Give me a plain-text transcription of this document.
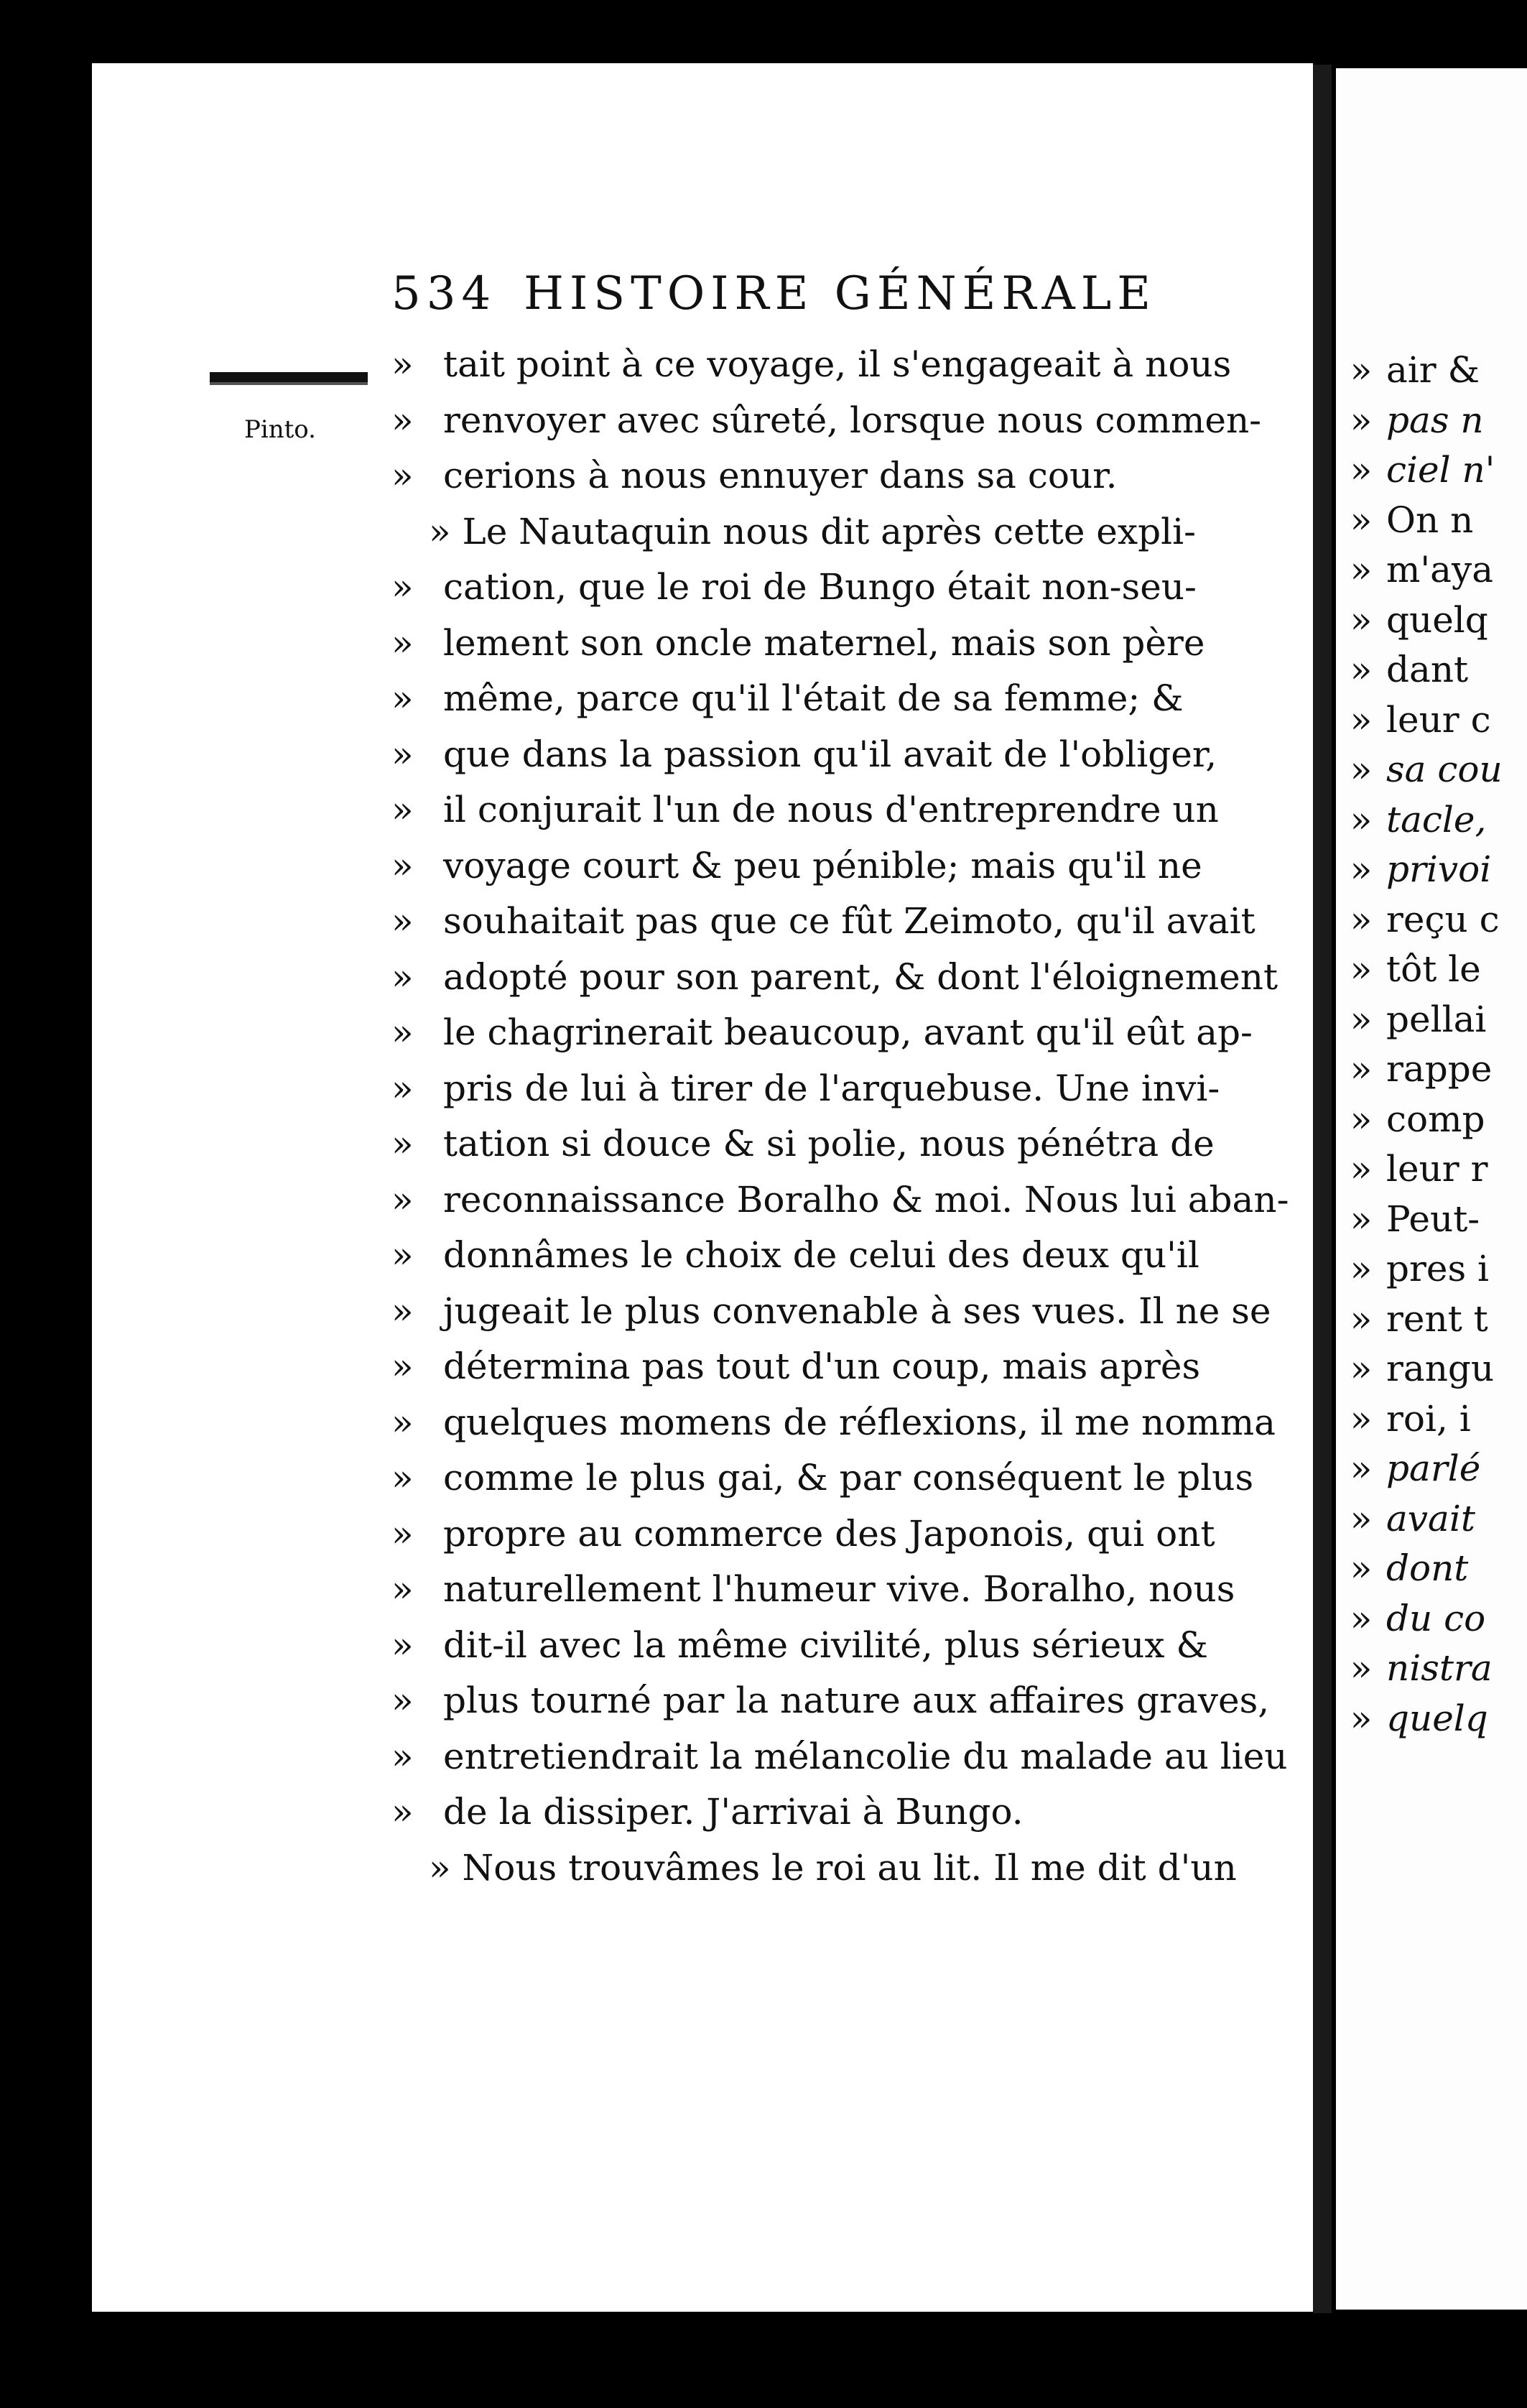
» air &
» pas n
» ciel n'
» On n
» m'aya
» quelq
» dant
» leur c
» sa cou
» tacle,
» privoi
» reçu c
» tôt le
» pellai
» rappe
» comp
» leur r
» Peut-
» pres i
» rent t
» rangu
» roi, i
» parlé
» avait
» dont
» du co
» nistra
» quelq
534 HISTOIRE GÉNÉRALE
Pinto.
» tait point à ce voyage, il s'engageait à nous
» renvoyer avec sûreté, lorsque nous commen-
» cerions à nous ennuyer dans sa cour.
» Le Nautaquin nous dit après cette expli-
» cation, que le roi de Bungo était non-seu-
» lement son oncle maternel, mais son père
» même, parce qu'il l'était de sa femme; &
» que dans la passion qu'il avait de l'obliger,
» il conjurait l'un de nous d'entreprendre un
» voyage court & peu pénible; mais qu'il ne
» souhaitait pas que ce fût Zeimoto, qu'il avait
» adopté pour son parent, & dont l'éloignement
» le chagrinerait beaucoup, avant qu'il eût ap-
» pris de lui à tirer de l'arquebuse. Une invi-
» tation si douce & si polie, nous pénétra de
» reconnaissance Boralho & moi. Nous lui aban-
» donnâmes le choix de celui des deux qu'il
» jugeait le plus convenable à ses vues. Il ne se
» détermina pas tout d'un coup, mais après
» quelques momens de réflexions, il me nomma
» comme le plus gai, & par conséquent le plus
» propre au commerce des Japonois, qui ont
» naturellement l'humeur vive. Boralho, nous
» dit-il avec la même civilité, plus sérieux &
» plus tourné par la nature aux affaires graves,
» entretiendrait la mélancolie du malade au lieu
» de la dissiper. J'arrivai à Bungo.
» Nous trouvâmes le roi au lit. Il me dit d'un
